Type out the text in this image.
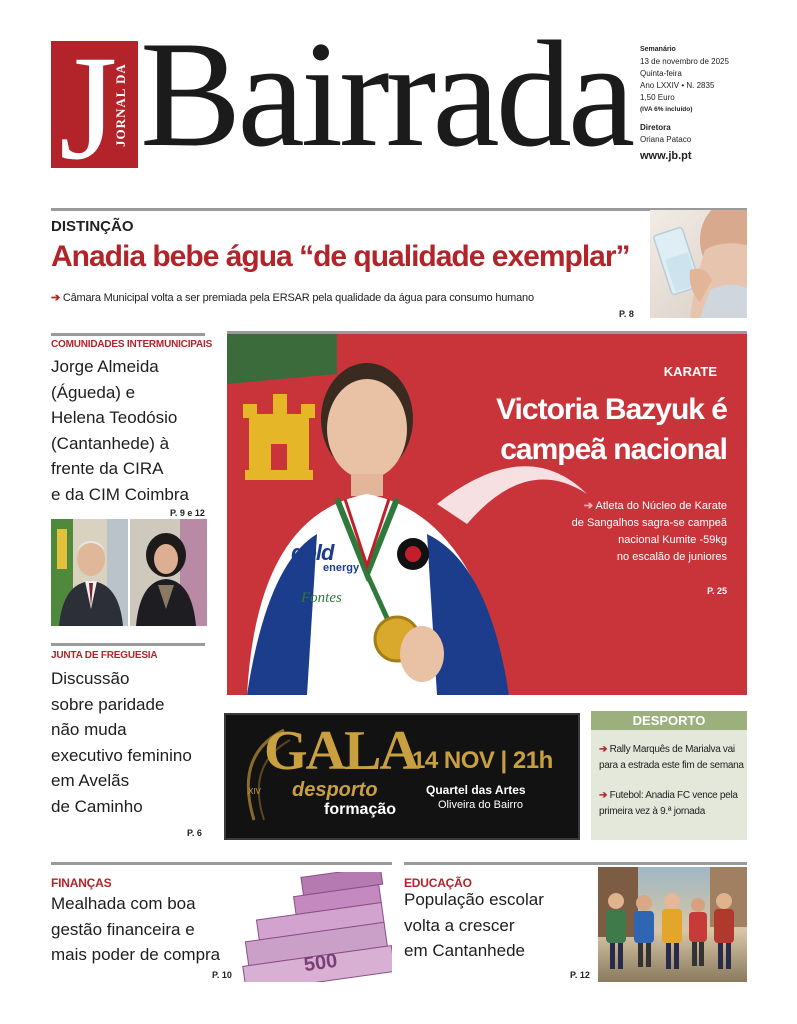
J
JORNAL DA Bairrada Semanário
13 de novembro de 2025
Quinta-feira
Ano LXXIV • N. 2835
1,50 Euro
(IVA 6% incluído)
Diretora
Oriana Pataco
www.jb.pt
DISTINÇÃO
Anadia bebe água “de qualidade exemplar”
➔ Câmara Municipal volta a ser premiada pela ERSAR pela qualidade da água para consumo humano
P. 8
COMUNIDADES INTERMUNICIPAIS
Jorge Almeida
(Águeda) e
Helena Teodósio
(Cantanhede) à
frente da CIRA
e da CIM Coimbra
P. 9 e 12
JUNTA DE FREGUESIA
Discussão
sobre paridade
não muda
executivo feminino
em Avelãs
de Caminho
P. 6
gold
energy
Fontes
KARATE
Victoria Bazyuk é
campeã nacional
➔ Atleta do Núcleo de Karate
de Sangalhos sagra-se campeã
nacional Kumite -59kg
no escalão de juniores
P. 25
GALA
XIV desporto
formação
14 NOV | 21h
Quartel das Artes
Oliveira do Bairro
DESPORTO
➔ Rally Marquês de Marialva vai para a estrada este fim de semana
➔ Futebol: Anadia FC vence pela primeira vez à 9.ª jornada
FINANÇAS
Mealhada com boa
gestão financeira e
mais poder de compra	500
P. 10
EDUCAÇÃO
População escolar
volta a crescer
em Cantanhede
P. 12
